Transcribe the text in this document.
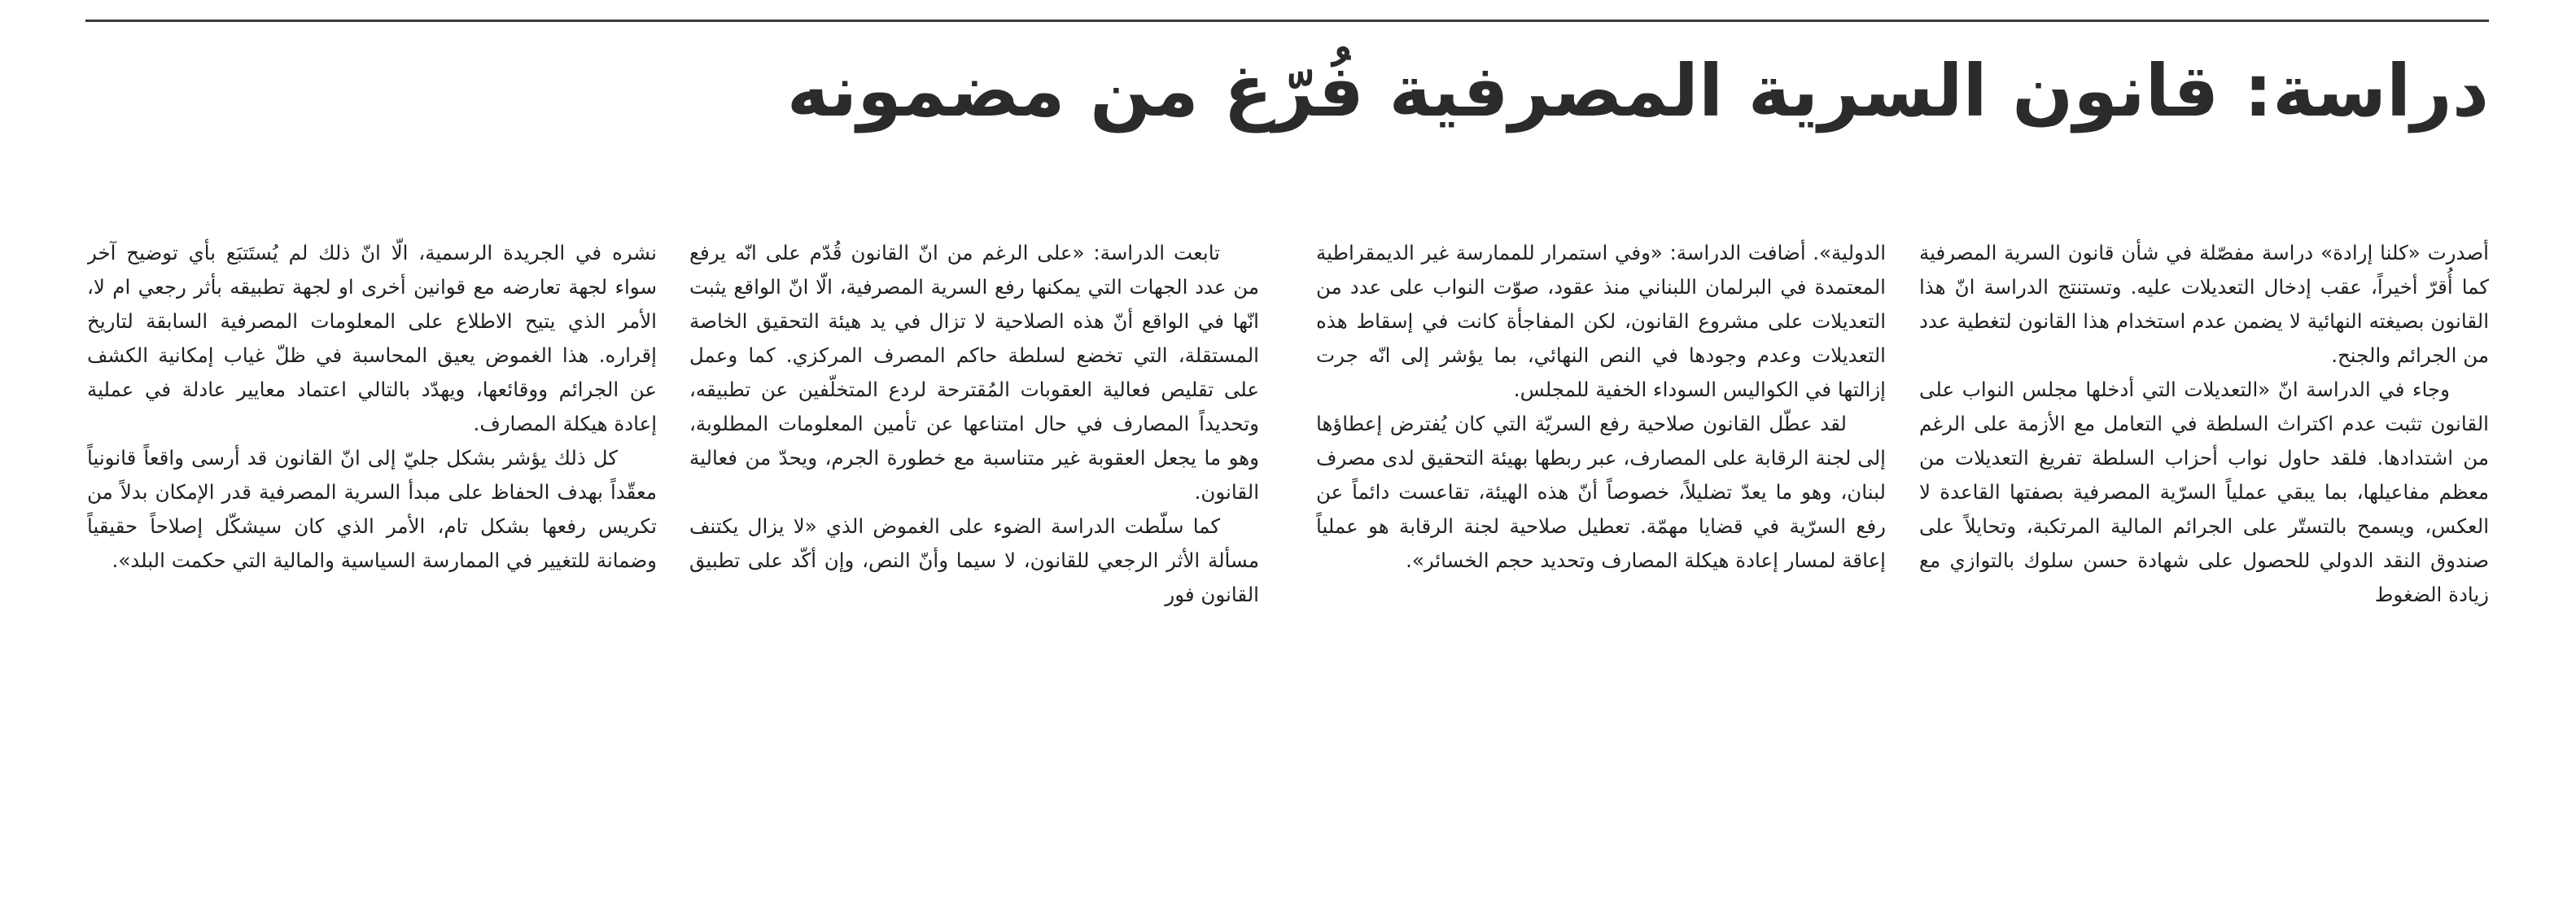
دراسة: قانون السرية المصرفية فُرّغ من مضمونه

أصدرت «كلنا إرادة» دراسة مفصّلة في شأن قانون السرية المصرفية كما أُقرّ أخيراً، عقب إدخال التعديلات عليه. وتستنتج الدراسة انّ هذا القانون بصيغته النهائية لا يضمن عدم استخدام هذا القانون لتغطية عدد من الجرائم والجنح.

وجاء في الدراسة انّ «التعديلات التي أدخلها مجلس النواب على القانون تثبت عدم اكتراث السلطة في التعامل مع الأزمة على الرغم من اشتدادها. فلقد حاول نواب أحزاب السلطة تفريغ التعديلات من معظم مفاعيلها، بما يبقي عملياً السرّية المصرفية بصفتها القاعدة لا العكس، ويسمح بالتستّر على الجرائم المالية المرتكبة، وتحايلاً على صندوق النقد الدولي للحصول على شهادة حسن سلوك بالتوازي مع زيادة الضغوط

الدولية». أضافت الدراسة: «وفي استمرار للممارسة غير الديمقراطية المعتمدة في البرلمان اللبناني منذ عقود، صوّت النواب على عدد من التعديلات على مشروع القانون، لكن المفاجأة كانت في إسقاط هذه التعديلات وعدم وجودها في النص النهائي، بما يؤشر إلى انّه جرت إزالتها في الكواليس السوداء الخفية للمجلس.

لقد عطّل القانون صلاحية رفع السريّة التي كان يُفترض إعطاؤها إلى لجنة الرقابة على المصارف، عبر ربطها بهيئة التحقيق لدى مصرف لبنان، وهو ما يعدّ تضليلاً، خصوصاً أنّ هذه الهيئة، تقاعست دائماً عن رفع السرّية في قضايا مهمّة. تعطيل صلاحية لجنة الرقابة هو عملياً إعاقة لمسار إعادة هيكلة المصارف وتحديد حجم الخسائر».

تابعت الدراسة: «على الرغم من انّ القانون قُدّم على انّه يرفع من عدد الجهات التي يمكنها رفع السرية المصرفية، الّا انّ الواقع يثبت انّها في الواقع أنّ هذه الصلاحية لا تزال في يد هيئة التحقيق الخاصة المستقلة، التي تخضع لسلطة حاكم المصرف المركزي. كما وعمل على تقليص فعالية العقوبات المُقترحة لردع المتخلّفين عن تطبيقه، وتحديداً المصارف في حال امتناعها عن تأمين المعلومات المطلوبة، وهو ما يجعل العقوبة غير متناسبة مع خطورة الجرم، ويحدّ من فعالية القانون.

كما سلّطت الدراسة الضوء على الغموض الذي «لا يزال يكتنف مسألة الأثر الرجعي للقانون، لا سيما وأنّ النص، وإن أكّد على تطبيق القانون فور

نشره في الجريدة الرسمية، الّا انّ ذلك لم يُستَتبَع بأي توضيح آخر سواء لجهة تعارضه مع قوانين أخرى او لجهة تطبيقه بأثر رجعي ام لا، الأمر الذي يتيح الاطلاع على المعلومات المصرفية السابقة لتاريخ إقراره. هذا الغموض يعيق المحاسبة في ظلّ غياب إمكانية الكشف عن الجرائم ووقائعها، ويهدّد بالتالي اعتماد معايير عادلة في عملية إعادة هيكلة المصارف.

كل ذلك يؤشر بشكل جليّ إلى انّ القانون قد أرسى واقعاً قانونياً معقّداً بهدف الحفاظ على مبدأ السرية المصرفية قدر الإمكان بدلاً من تكريس رفعها بشكل تام، الأمر الذي كان سيشكّل إصلاحاً حقيقياً وضمانة للتغيير في الممارسة السياسية والمالية التي حكمت البلد».
